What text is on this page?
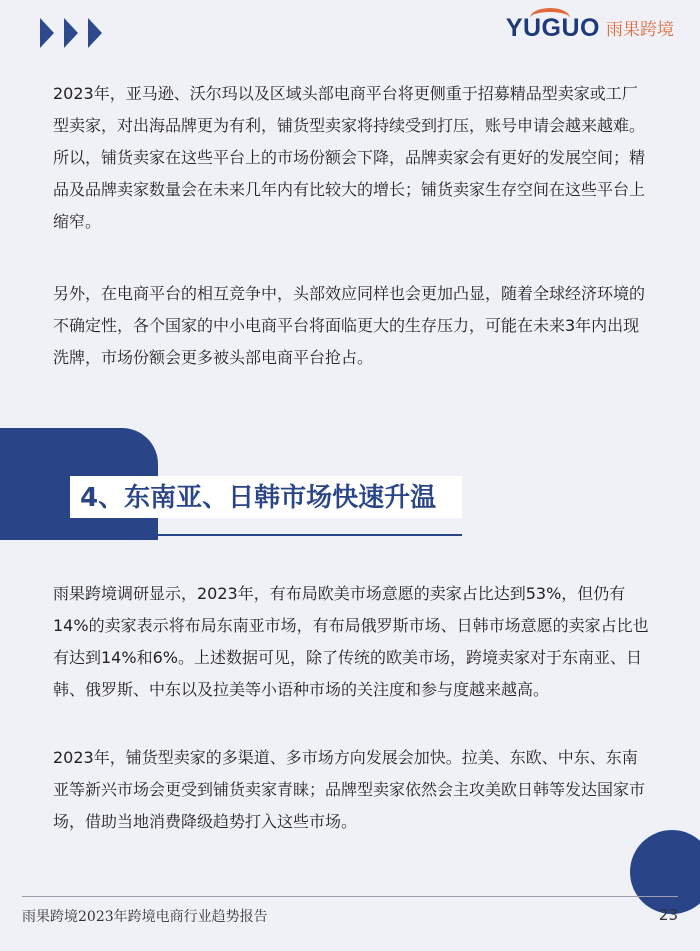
YUGUO 雨果跨境

2023年，亚马逊、沃尔玛以及区域头部电商平台将更侧重于招募精品型卖家或工厂型卖家，对出海品牌更为有利，铺货型卖家将持续受到打压，账号申请会越来越难。所以，铺货卖家在这些平台上的市场份额会下降，品牌卖家会有更好的发展空间；精品及品牌卖家数量会在未来几年内有比较大的增长；铺货卖家生存空间在这些平台上缩窄。

另外，在电商平台的相互竞争中，头部效应同样也会更加凸显，随着全球经济环境的不确定性，各个国家的中小电商平台将面临更大的生存压力，可能在未来3年内出现洗牌，市场份额会更多被头部电商平台抢占。

4、东南亚、日韩市场快速升温

雨果跨境调研显示，2023年，有布局欧美市场意愿的卖家占比达到53%，但仍有14%的卖家表示将布局东南亚市场，有布局俄罗斯市场、日韩市场意愿的卖家占比也有达到14%和6%。上述数据可见，除了传统的欧美市场，跨境卖家对于东南亚、日韩、俄罗斯、中东以及拉美等小语种市场的关注度和参与度越来越高。

2023年，铺货型卖家的多渠道、多市场方向发展会加快。拉美、东欧、中东、东南亚等新兴市场会更受到铺货卖家青睐；品牌型卖家依然会主攻美欧日韩等发达国家市场，借助当地消费降级趋势打入这些市场。

雨果跨境2023年跨境电商行业趋势报告	23
